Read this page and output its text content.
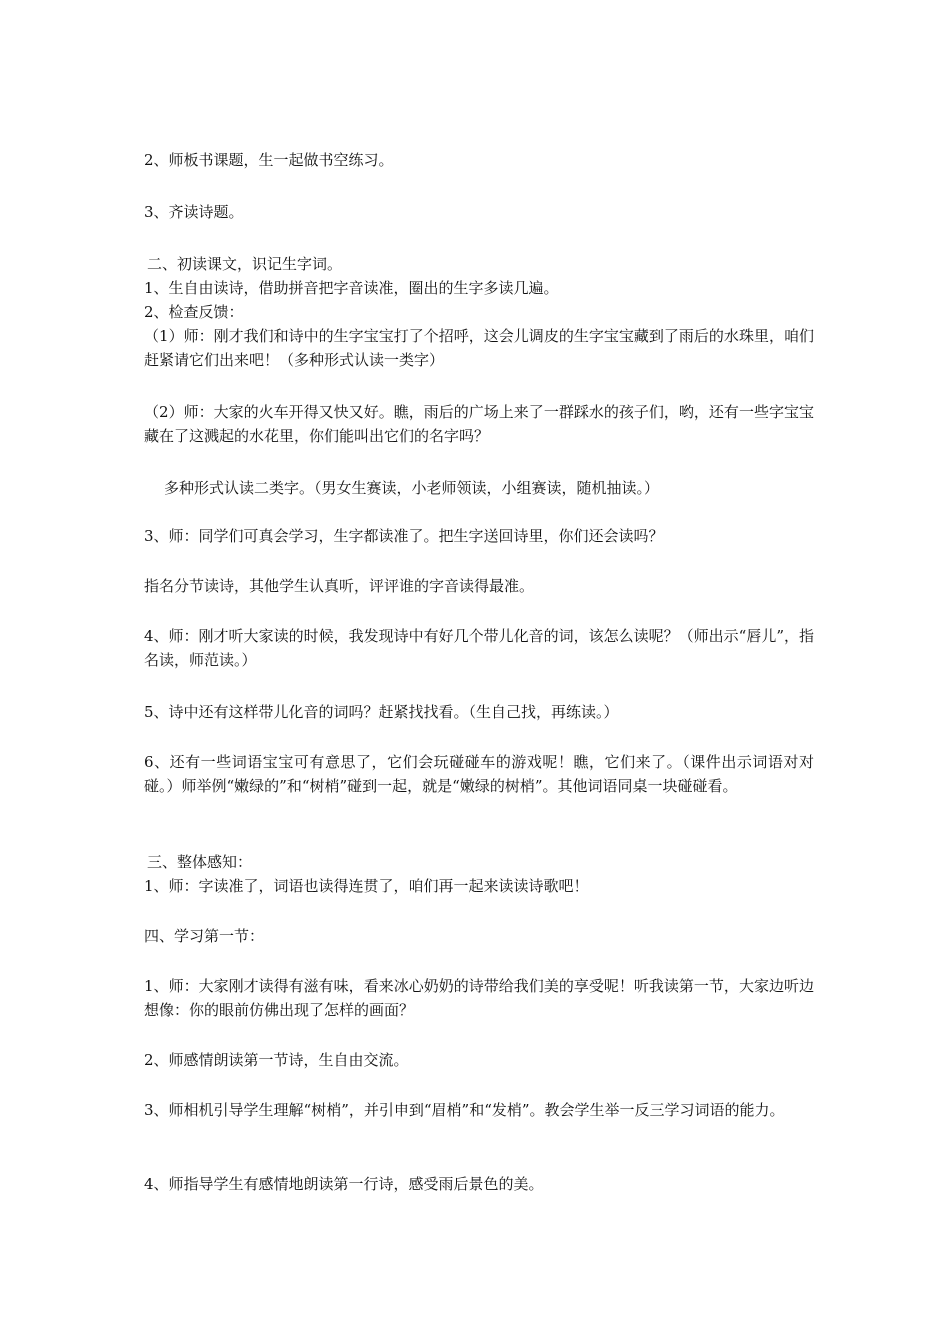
2、师板书课题，生一起做书空练习。

3、齐读诗题。

二、初读课文，识记生字词。

1、生自由读诗，借助拼音把字音读准，圈出的生字多读几遍。

2、检查反馈：

（1）师：刚才我们和诗中的生字宝宝打了个招呼，这会儿调皮的生字宝宝藏到了雨后的水珠里，咱们赶紧请它们出来吧！（多种形式认读一类字）

（2）师：大家的火车开得又快又好。瞧，雨后的广场上来了一群踩水的孩子们，哟，还有一些字宝宝藏在了这溅起的水花里，你们能叫出它们的名字吗？

多种形式认读二类字。（男女生赛读，小老师领读，小组赛读，随机抽读。）

3、师：同学们可真会学习，生字都读准了。把生字送回诗里，你们还会读吗？

指名分节读诗，其他学生认真听，评评谁的字音读得最准。

4、师：刚才听大家读的时候，我发现诗中有好几个带儿化音的词，该怎么读呢？（师出示“唇儿”，指名读，师范读。）

5、诗中还有这样带儿化音的词吗？赶紧找找看。（生自己找，再练读。）

6、还有一些词语宝宝可有意思了，它们会玩碰碰车的游戏呢！瞧，它们来了。（课件出示词语对对碰。）师举例“嫩绿的”和“树梢”碰到一起，就是“嫩绿的树梢”。其他词语同桌一块碰碰看。

三、整体感知：

1、师：字读准了，词语也读得连贯了，咱们再一起来读读诗歌吧！

四、学习第一节：

1、师：大家刚才读得有滋有味，看来冰心奶奶的诗带给我们美的享受呢！听我读第一节，大家边听边想像：你的眼前仿佛出现了怎样的画面？

2、师感情朗读第一节诗，生自由交流。

3、师相机引导学生理解“树梢”，并引申到“眉梢”和“发梢”。教会学生举一反三学习词语的能力。

4、师指导学生有感情地朗读第一行诗，感受雨后景色的美。
